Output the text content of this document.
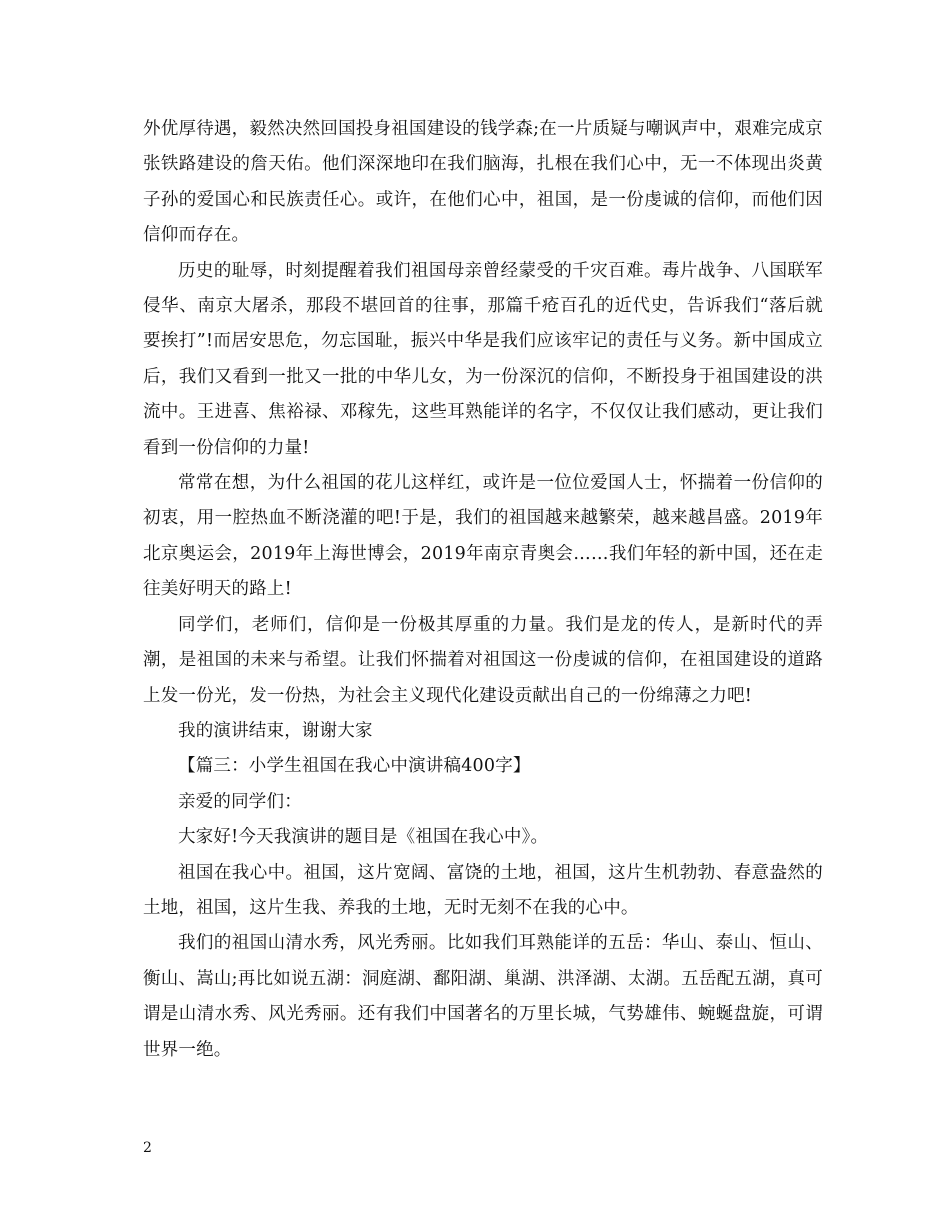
外优厚待遇，毅然决然回国投身祖国建设的钱学森;在一片质疑与嘲讽声中，艰难完成京张铁路建设的詹天佑。他们深深地印在我们脑海，扎根在我们心中，无一不体现出炎黄子孙的爱国心和民族责任心。或许，在他们心中，祖国，是一份虔诚的信仰，而他们因信仰而存在。

历史的耻辱，时刻提醒着我们祖国母亲曾经蒙受的千灾百难。毒片战争、八国联军侵华、南京大屠杀，那段不堪回首的往事，那篇千疮百孔的近代史，告诉我们“落后就要挨打”!而居安思危，勿忘国耻，振兴中华是我们应该牢记的责任与义务。新中国成立后，我们又看到一批又一批的中华儿女，为一份深沉的信仰，不断投身于祖国建设的洪流中。王进喜、焦裕禄、邓稼先，这些耳熟能详的名字，不仅仅让我们感动，更让我们看到一份信仰的力量!

常常在想，为什么祖国的花儿这样红，或许是一位位爱国人士，怀揣着一份信仰的初衷，用一腔热血不断浇灌的吧!于是，我们的祖国越来越繁荣，越来越昌盛。2019年北京奥运会，2019年上海世博会，2019年南京青奥会……我们年轻的新中国，还在走往美好明天的路上!

同学们，老师们，信仰是一份极其厚重的力量。我们是龙的传人，是新时代的弄潮，是祖国的未来与希望。让我们怀揣着对祖国这一份虔诚的信仰，在祖国建设的道路上发一份光，发一份热，为社会主义现代化建设贡献出自己的一份绵薄之力吧!

我的演讲结束，谢谢大家

【篇三：小学生祖国在我心中演讲稿400字】

亲爱的同学们：

大家好!今天我演讲的题目是《祖国在我心中》。

祖国在我心中。祖国，这片宽阔、富饶的土地，祖国，这片生机勃勃、春意盎然的土地，祖国，这片生我、养我的土地，无时无刻不在我的心中。

我们的祖国山清水秀，风光秀丽。比如我们耳熟能详的五岳：华山、泰山、恒山、衡山、嵩山;再比如说五湖：洞庭湖、鄱阳湖、巢湖、洪泽湖、太湖。五岳配五湖，真可谓是山清水秀、风光秀丽。还有我们中国著名的万里长城，气势雄伟、蜿蜒盘旋，可谓世界一绝。

2
